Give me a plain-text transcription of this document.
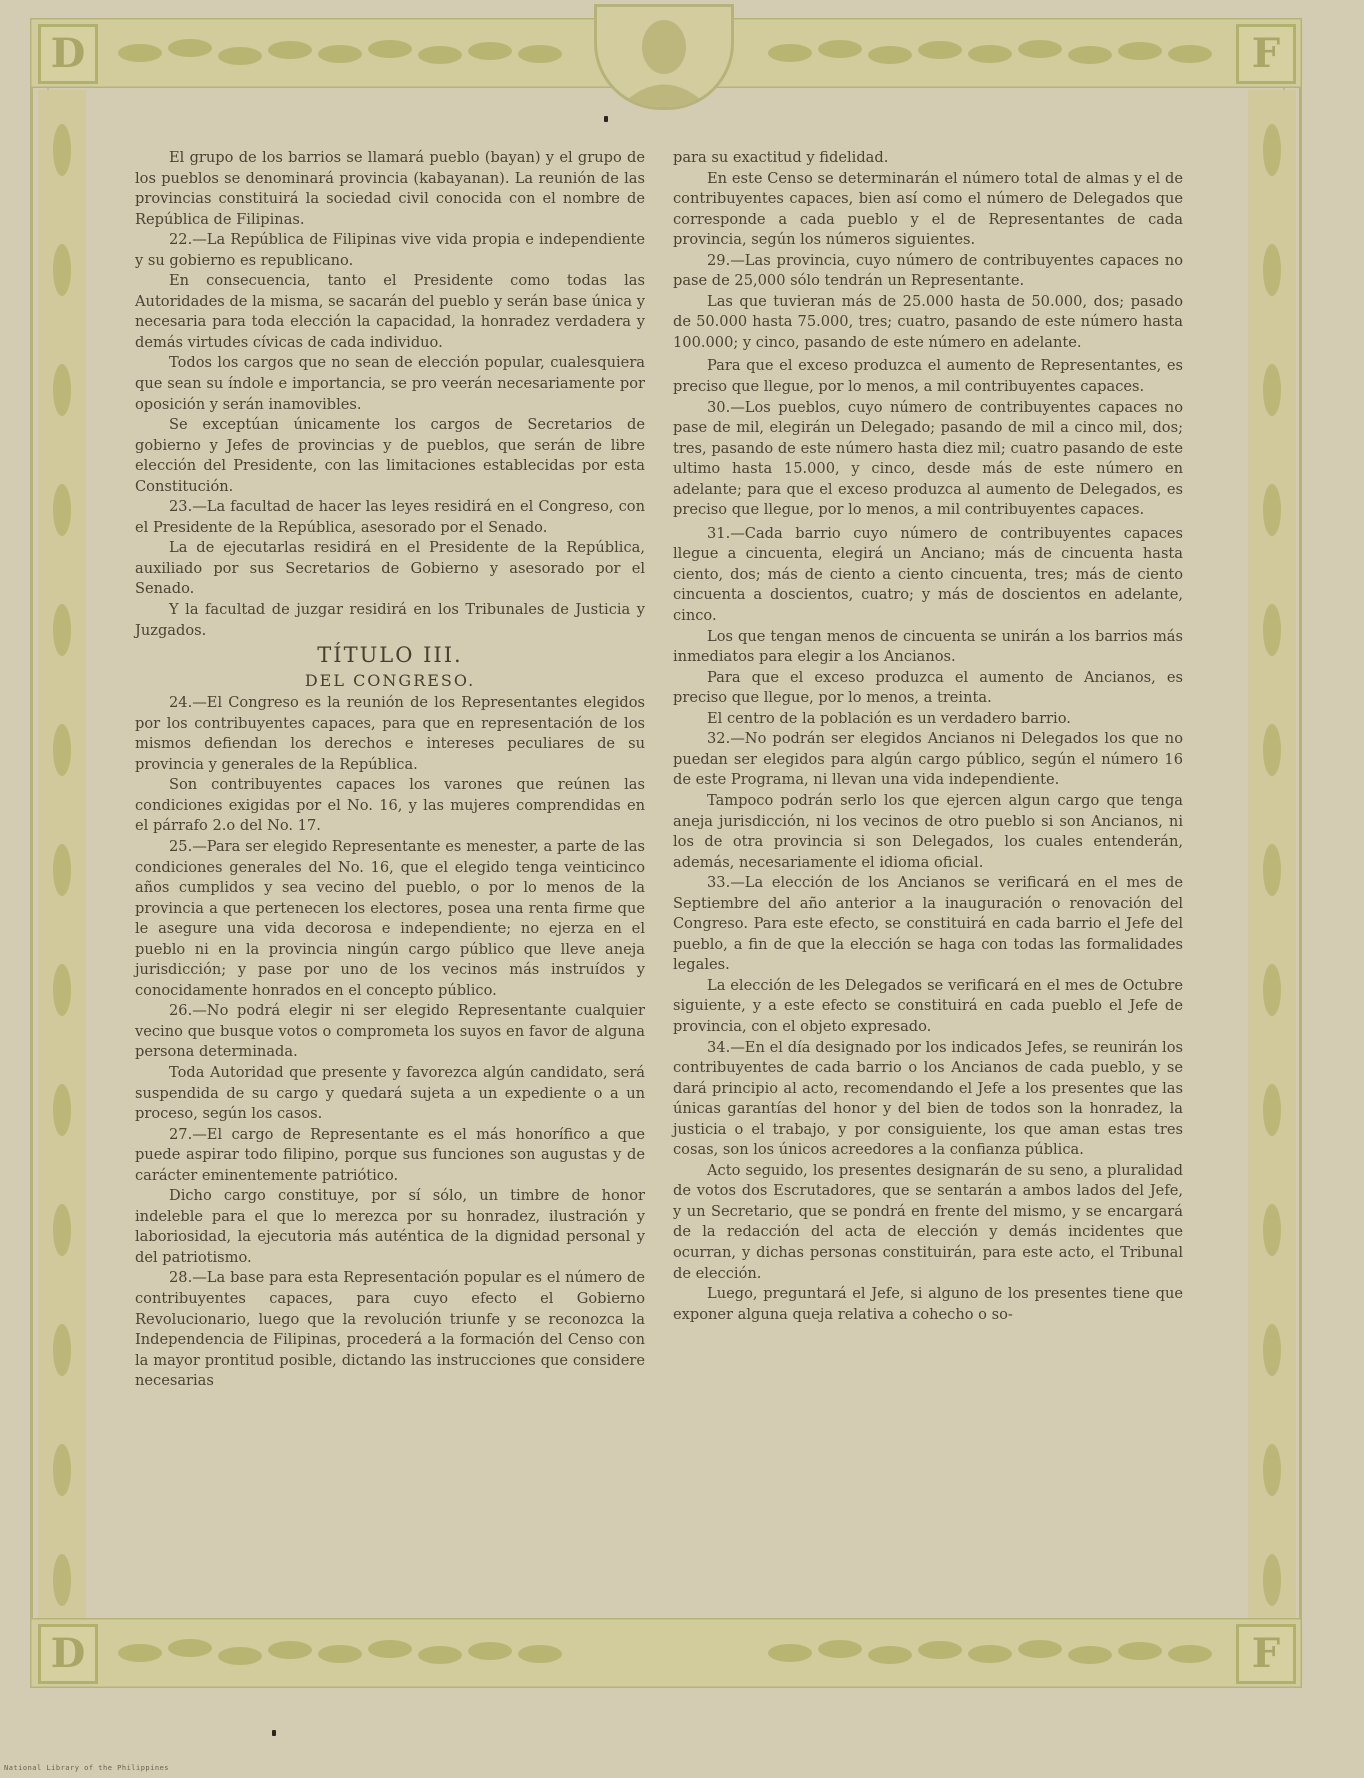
D	F
D	F

El grupo de los barrios se llamará pueblo (bayan) y el grupo de los pueblos se denominará provincia (kabayanan). La reunión de las provincias constituirá la sociedad civil conocida con el nombre de República de Filipinas.

22.—La República de Filipinas vive vida propia e independiente y su gobierno es republicano.

En consecuencia, tanto el Presidente como todas las Autoridades de la misma, se sacarán del pueblo y serán base única y necesaria para toda elección la capacidad, la honradez verdadera y demás virtudes cívicas de cada individuo.

Todos los cargos que no sean de elección popular, cualesquiera que sean su índole e importancia, se pro veerán necesariamente por oposición y serán inamovibles.

Se exceptúan únicamente los cargos de Secretarios de gobierno y Jefes de provincias y de pueblos, que serán de libre elección del Presidente, con las limitaciones establecidas por esta Constitución.

23.—La facultad de hacer las leyes residirá en el Congreso, con el Presidente de la República, asesorado por el Senado.

La de ejecutarlas residirá en el Presidente de la República, auxiliado por sus Secretarios de Gobierno y asesorado por el Senado.

Y la facultad de juzgar residirá en los Tribunales de Justicia y Juzgados.

TÍTULO III.

DEL CONGRESO.

24.—El Congreso es la reunión de los Representantes elegidos por los contribuyentes capaces, para que en representación de los mismos defiendan los derechos e intereses peculiares de su provincia y generales de la República.

Son contribuyentes capaces los varones que reúnen las condiciones exigidas por el No. 16, y las mujeres comprendidas en el párrafo 2.o del No. 17.

25.—Para ser elegido Representante es menester, a parte de las condiciones generales del No. 16, que el elegido tenga veinticinco años cumplidos y sea vecino del pueblo, o por lo menos de la provincia a que pertenecen los electores, posea una renta firme que le asegure una vida decorosa e independiente; no ejerza en el pueblo ni en la provincia ningún cargo público que lleve aneja jurisdicción; y pase por uno de los vecinos más instruídos y conocidamente honrados en el concepto público.

26.—No podrá elegir ni ser elegido Representante cualquier vecino que busque votos o comprometa los suyos en favor de alguna persona determinada.

Toda Autoridad que presente y favorezca algún candidato, será suspendida de su cargo y quedará sujeta a un expediente o a un proceso, según los casos.

27.—El cargo de Representante es el más honorífico a que puede aspirar todo filipino, porque sus funciones son augustas y de carácter eminentemente patriótico.

Dicho cargo constituye, por sí sólo, un timbre de honor indeleble para el que lo merezca por su honradez, ilustración y laboriosidad, la ejecutoria más auténtica de la dignidad personal y del patriotismo.

28.—La base para esta Representación popular es el número de contribuyentes capaces, para cuyo efecto el Gobierno Revolucionario, luego que la revolución triunfe y se reconozca la Independencia de Filipinas, procederá a la formación del Censo con la mayor prontitud posible, dictando las instrucciones que considere necesarias

para su exactitud y fidelidad.

En este Censo se determinarán el número total de almas y el de contribuyentes capaces, bien así como el número de Delegados que corresponde a cada pueblo y el de Representantes de cada provincia, según los números siguientes.

29.—Las provincia, cuyo número de contribuyentes capaces no pase de 25,000 sólo tendrán un Representante.

Las que tuvieran más de 25.000 hasta de 50.000, dos; pasado de 50.000 hasta 75.000, tres; cuatro, pasando de este número hasta 100.000; y cinco, pasando de este número en adelante.

Para que el exceso produzca el aumento de Representantes, es preciso que llegue, por lo menos, a mil contribuyentes capaces.

30.—Los pueblos, cuyo número de contribuyentes capaces no pase de mil, elegirán un Delegado; pasando de mil a cinco mil, dos; tres, pasando de este número hasta diez mil; cuatro pasando de este ultimo hasta 15.000, y cinco, desde más de este número en adelante; para que el exceso produzca al aumento de Delegados, es preciso que llegue, por lo menos, a mil contribuyentes capaces.

31.—Cada barrio cuyo número de contribuyentes capaces llegue a cincuenta, elegirá un Anciano; más de cincuenta hasta ciento, dos; más de ciento a ciento cincuenta, tres; más de ciento cincuenta a doscientos, cuatro; y más de doscientos en adelante, cinco.

Los que tengan menos de cincuenta se unirán a los barrios más inmediatos para elegir a los Ancianos.

Para que el exceso produzca el aumento de Ancianos, es preciso que llegue, por lo menos, a treinta.

El centro de la población es un verdadero barrio.

32.—No podrán ser elegidos Ancianos ni Delegados los que no puedan ser elegidos para algún cargo público, según el número 16 de este Programa, ni llevan una vida independiente.

Tampoco podrán serlo los que ejercen algun cargo que tenga aneja jurisdicción, ni los vecinos de otro pueblo si son Ancianos, ni los de otra provincia si son Delegados, los cuales entenderán, además, necesariamente el idioma oficial.

33.—La elección de los Ancianos se verificará en el mes de Septiembre del año anterior a la inauguración o renovación del Congreso. Para este efecto, se constituirá en cada barrio el Jefe del pueblo, a fin de que la elección se haga con todas las formalidades legales.

La elección de les Delegados se verificará en el mes de Octubre siguiente, y a este efecto se constituirá en cada pueblo el Jefe de provincia, con el objeto expresado.

34.—En el día designado por los indicados Jefes, se reunirán los contribuyentes de cada barrio o los Ancianos de cada pueblo, y se dará principio al acto, recomendando el Jefe a los presentes que las únicas garantías del honor y del bien de todos son la honradez, la justicia o el trabajo, y por consiguiente, los que aman estas tres cosas, son los únicos acreedores a la confianza pública.

Acto seguido, los presentes designarán de su seno, a pluralidad de votos dos Escrutadores, que se sentarán a ambos lados del Jefe, y un Secretario, que se pondrá en frente del mismo, y se encargará de la redacción del acta de elección y demás incidentes que ocurran, y dichas personas constituirán, para este acto, el Tribunal de elección.

Luego, preguntará el Jefe, si alguno de los presentes tiene que exponer alguna queja relativa a cohecho o so-

National Library of the Philippines
